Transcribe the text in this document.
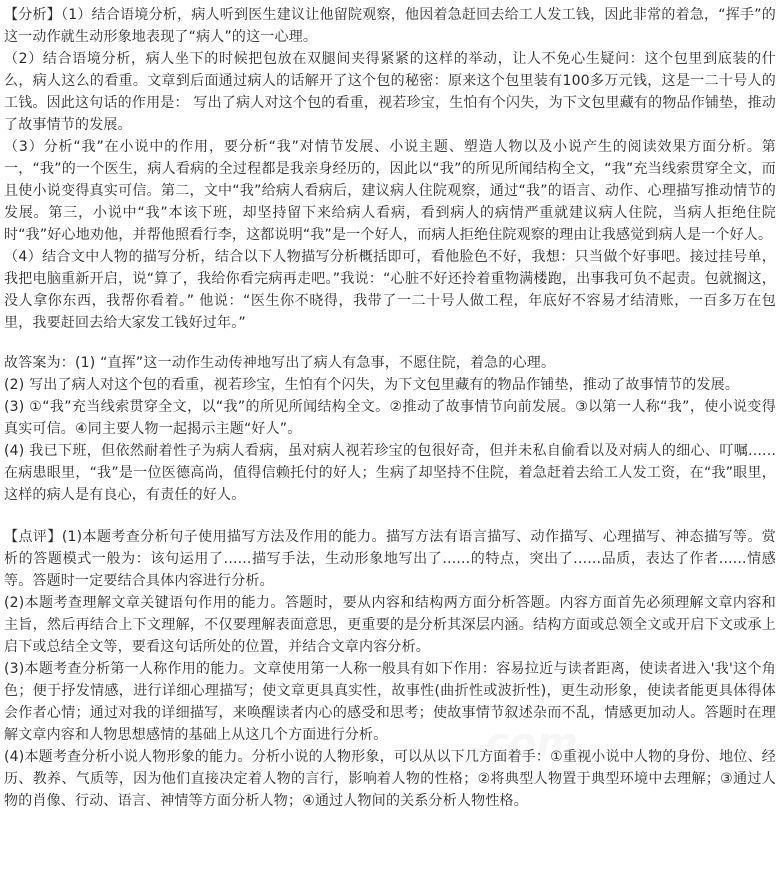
【分析】（1）结合语境分析，病人听到医生建议让他留院观察，他因着急赶回去给工人发工钱，因此非常的着急，“挥手”的这一动作就生动形象地表现了“病人”的这一心理。

（2）结合语境分析，病人坐下的时候把包放在双腿间夹得紧紧的这样的举动，让人不免心生疑问：这个包里到底装的什么，病人这么的看重。文章到后面通过病人的话解开了这个包的秘密：原来这个包里装有100多万元钱，这是一二十号人的工钱。因此这句话的作用是： 写出了病人对这个包的看重，视若珍宝，生怕有个闪失，为下文包里藏有的物品作铺垫，推动了故事情节的发展。

（3）分析“我”在小说中的作用，要分析“我”对情节发展、小说主题、塑造人物以及小说产生的阅读效果方面分析。第一，“我”的一个医生，病人看病的全过程都是我亲身经历的，因此以“我”的所见所闻结构全文，“我”充当线索贯穿全文，而且使小说变得真实可信。第二，文中“我”给病人看病后，建议病人住院观察，通过“我”的语言、动作、心理描写推动情节的发展。第三，小说中“我”本该下班，却坚持留下来给病人看病，看到病人的病情严重就建议病人住院，当病人拒绝住院时“我”好心地劝他，并帮他照看行李，这都说明“我”是一个好人，而病人拒绝住院观察的理由让我感觉到病人是一个好人。

（4）结合文中人物的描写分析，结合以下人物描写分析概括即可，看他脸色不好，我想：只当做个好事吧。接过挂号单，我把电脑重新开启，说“算了，我给你看完病再走吧。”我说：“心脏不好还拎着重物满楼跑，出事我可负不起责。包就搁这，没人拿你东西，我帮你看着。” 他说：“医生你不晓得，我带了一二十号人做工程，年底好不容易才结清账，一百多万在包里，我要赶回去给大家发工钱好过年。”

故答案为：(1) “直挥”这一动作生动传神地写出了病人有急事，不愿住院，着急的心理。

(2) 写出了病人对这个包的看重，视若珍宝，生怕有个闪失，为下文包里藏有的物品作铺垫，推动了故事情节的发展。

(3) ①“我”充当线索贯穿全文，以“我”的所见所闻结构全文。②推动了故事情节向前发展。③以第一人称“我”，使小说变得真实可信。④同主要人物一起揭示主题“好人”。

(4) 我已下班，但依然耐着性子为病人看病，虽对病人视若珍宝的包很好奇，但并未私自偷看以及对病人的细心、叮嘱......在病患眼里，“我”是一位医德高尚，值得信赖托付的好人；生病了却坚持不住院，着急赶着去给工人发工资，在“我”眼里，这样的病人是有良心，有责任的好人。

【点评】(1)本题考查分析句子使用描写方法及作用的能力。描写方法有语言描写、动作描写、心理描写、神态描写等。赏析的答题模式一般为：该句运用了......描写手法，生动形象地写出了......的特点，突出了......品质，表达了作者......情感等。答题时一定要结合具体内容进行分析。

(2)本题考查理解文章关键语句作用的能力。答题时，要从内容和结构两方面分析答题。内容方面首先必须理解文章内容和主旨，然后再结合上下文理解，不仅要理解表面意思，更重要的是分析其深层内涵。结构方面或总领全文或开启下文或承上启下或总结全文等，要看这句话所处的位置，并结合文章内容分析。

(3)本题考查分析第一人称作用的能力。文章使用第一人称一般具有如下作用：容易拉近与读者距离，使读者进入'我'这个角色；便于抒发情感，进行详细心理描写；使文章更具真实性，故事性(曲折性或波折性)，更生动形象，使读者能更具体得体会作者心情；通过对我的详细描写，来唤醒读者内心的感受和思考；使故事情节叙述杂而不乱，情感更加动人。答题时在理解文章内容和人物思想感情的基础上从这几个方面进行分析。

(4)本题考查分析小说人物形象的能力。分析小说的人物形象，可以从以下几方面着手：①重视小说中人物的身份、地位、经历、教养、气质等，因为他们直接决定着人物的言行，影响着人物的性格；②将典型人物置于典型环境中去理解；③通过人物的肖像、行动、语言、神情等方面分析人物；④通过人物间的关系分析人物性格。
